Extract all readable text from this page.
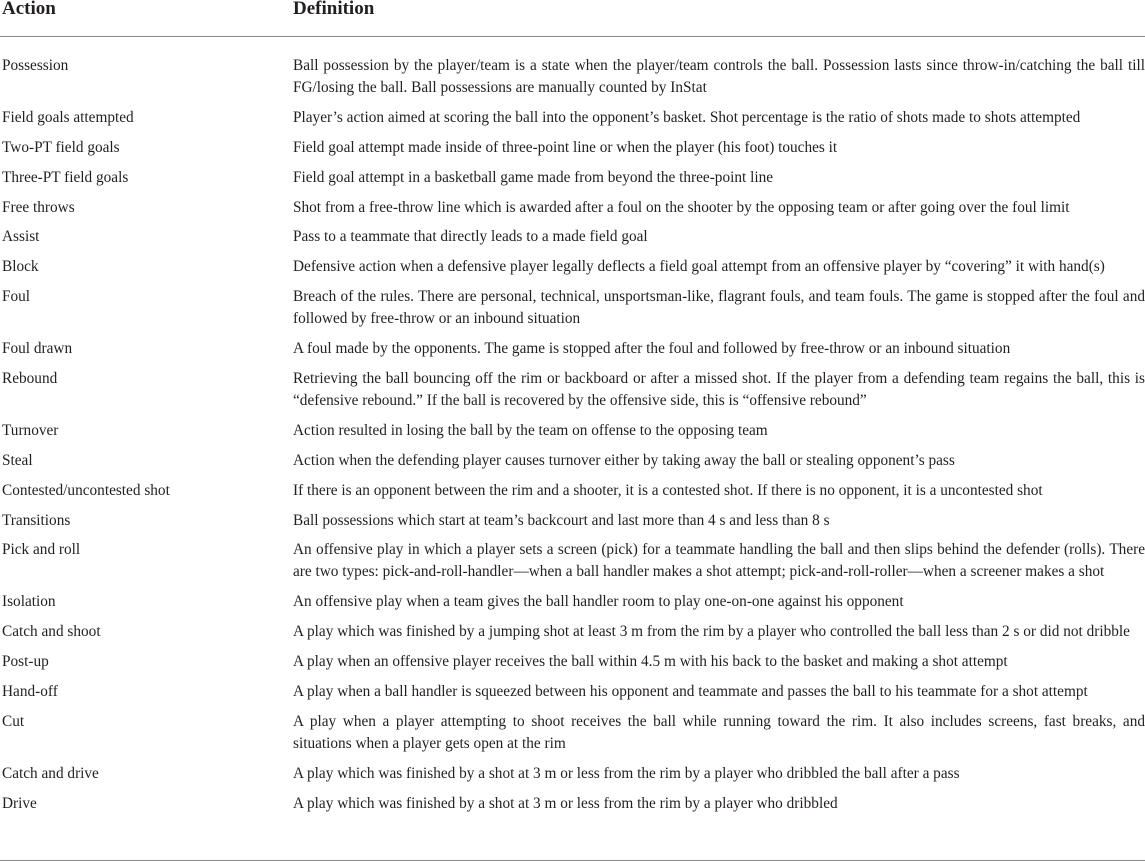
Action	Definition
Possession	Ball possession by the player/team is a state when the player/team controls the ball. Possession lasts since throw-in/catching the ball till FG/losing the ball. Ball possessions are manually counted by InStat
Field goals attempted	Player’s action aimed at scoring the ball into the opponent’s basket. Shot percentage is the ratio of shots made to shots attempted
Two-PT field goals	Field goal attempt made inside of three-point line or when the player (his foot) touches it
Three-PT field goals	Field goal attempt in a basketball game made from beyond the three-point line
Free throws	Shot from a free-throw line which is awarded after a foul on the shooter by the opposing team or after going over the foul limit
Assist	Pass to a teammate that directly leads to a made field goal
Block	Defensive action when a defensive player legally deflects a field goal attempt from an offensive player by “covering” it with hand(s)
Foul	Breach of the rules. There are personal, technical, unsportsman-like, flagrant fouls, and team fouls. The game is stopped after the foul and followed by free-throw or an inbound situation
Foul drawn	A foul made by the opponents. The game is stopped after the foul and followed by free-throw or an inbound situation
Rebound	Retrieving the ball bouncing off the rim or backboard or after a missed shot. If the player from a defending team regains the ball, this is “defensive rebound.” If the ball is recovered by the offensive side, this is “offensive rebound”
Turnover	Action resulted in losing the ball by the team on offense to the opposing team
Steal	Action when the defending player causes turnover either by taking away the ball or stealing opponent’s pass
Contested/uncontested shot	If there is an opponent between the rim and a shooter, it is a contested shot. If there is no opponent, it is a uncontested shot
Transitions	Ball possessions which start at team’s backcourt and last more than 4 s and less than 8 s
Pick and roll	An offensive play in which a player sets a screen (pick) for a teammate handling the ball and then slips behind the defender (rolls). There are two types: pick-and-roll-handler—when a ball handler makes a shot attempt; pick-and-roll-roller—when a screener makes a shot
Isolation	An offensive play when a team gives the ball handler room to play one-on-one against his opponent
Catch and shoot	A play which was finished by a jumping shot at least 3 m from the rim by a player who controlled the ball less than 2 s or did not dribble
Post-up	A play when an offensive player receives the ball within 4.5 m with his back to the basket and making a shot attempt
Hand-off	A play when a ball handler is squeezed between his opponent and teammate and passes the ball to his teammate for a shot attempt
Cut	A play when a player attempting to shoot receives the ball while running toward the rim. It also includes screens, fast breaks, and situations when a player gets open at the rim
Catch and drive	A play which was finished by a shot at 3 m or less from the rim by a player who dribbled the ball after a pass
Drive	A play which was finished by a shot at 3 m or less from the rim by a player who dribbled
